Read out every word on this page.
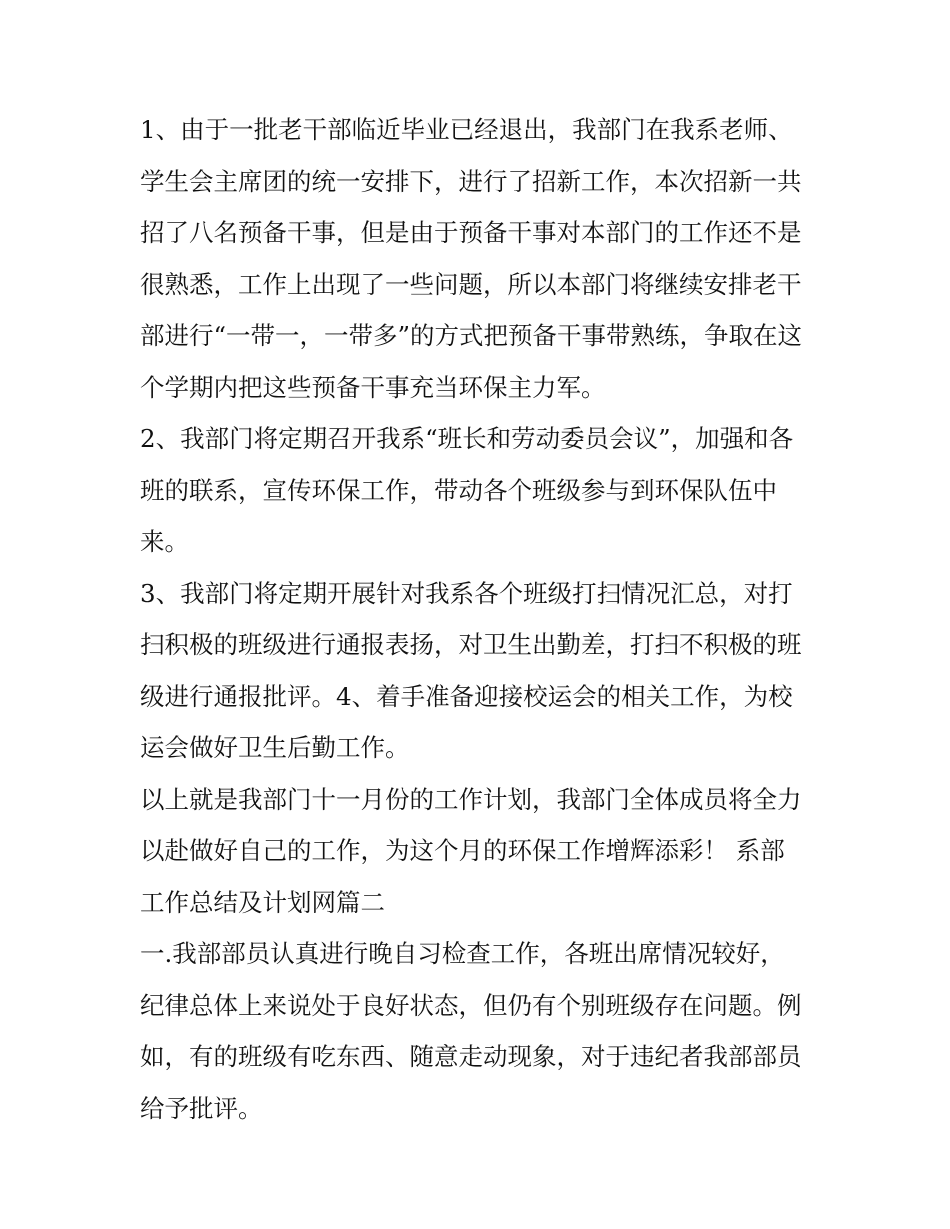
1、由于一批老干部临近毕业已经退出，我部门在我系老师、
学生会主席团的统一安排下，进行了招新工作，本次招新一共
招了八名预备干事，但是由于预备干事对本部门的工作还不是
很熟悉，工作上出现了一些问题，所以本部门将继续安排老干
部进行“一带一，一带多”的方式把预备干事带熟练，争取在这
个学期内把这些预备干事充当环保主力军。
2、我部门将定期召开我系“班长和劳动委员会议”，加强和各
班的联系，宣传环保工作，带动各个班级参与到环保队伍中
来。
3、我部门将定期开展针对我系各个班级打扫情况汇总，对打
扫积极的班级进行通报表扬，对卫生出勤差，打扫不积极的班
级进行通报批评。4、着手准备迎接校运会的相关工作，为校
运会做好卫生后勤工作。
以上就是我部门十一月份的工作计划，我部门全体成员将全力
以赴做好自己的工作，为这个月的环保工作增辉添彩！ 系部
工作总结及计划网篇二
一.我部部员认真进行晚自习检查工作，各班出席情况较好，
纪律总体上来说处于良好状态，但仍有个别班级存在问题。例
如，有的班级有吃东西、随意走动现象，对于违纪者我部部员
给予批评。
